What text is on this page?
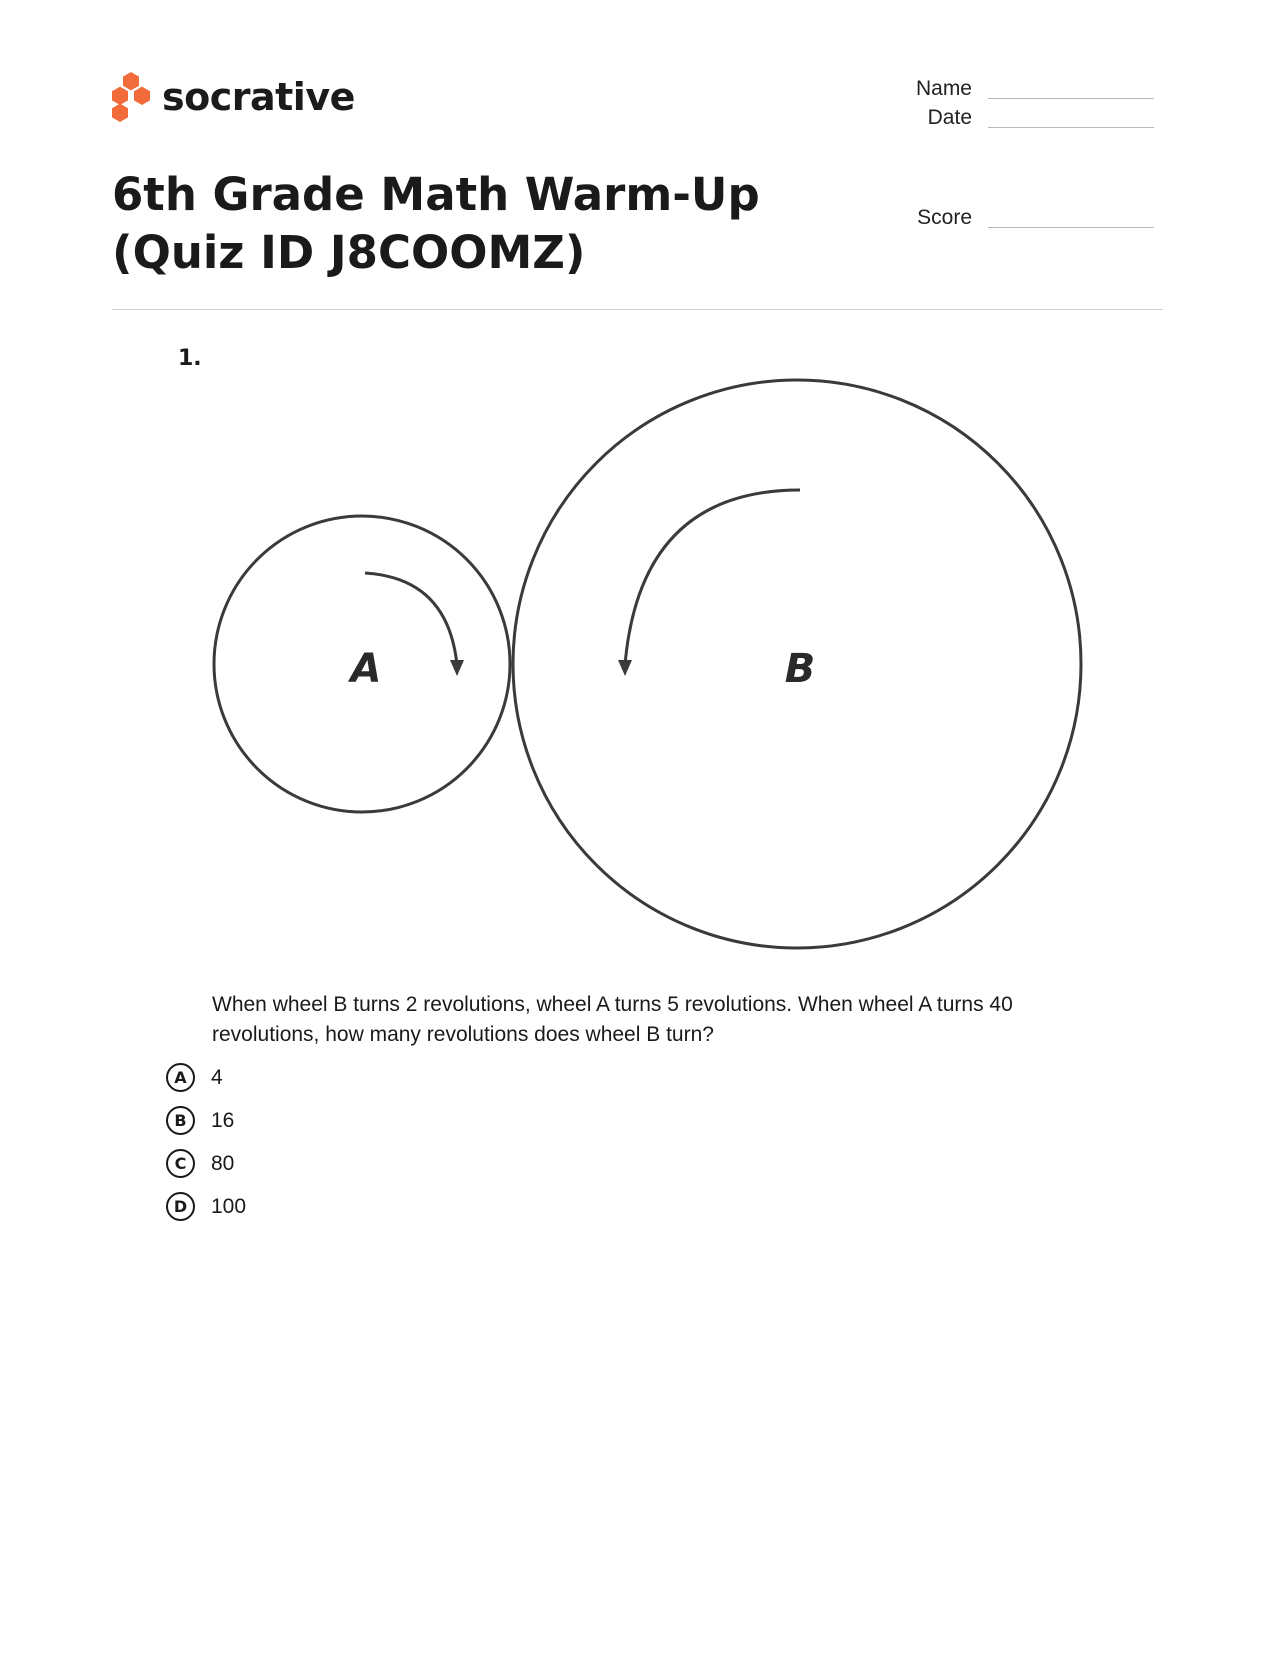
socrative	Name
Date
Score
6th Grade Math Warm-Up (Quiz ID J8COOMZ)
1.
A	B

When wheel B turns 2 revolutions, wheel A turns 5 revolutions. When wheel A turns 40 revolutions, how many revolutions does wheel B turn?

A	4
B	16
C	80
D	100
